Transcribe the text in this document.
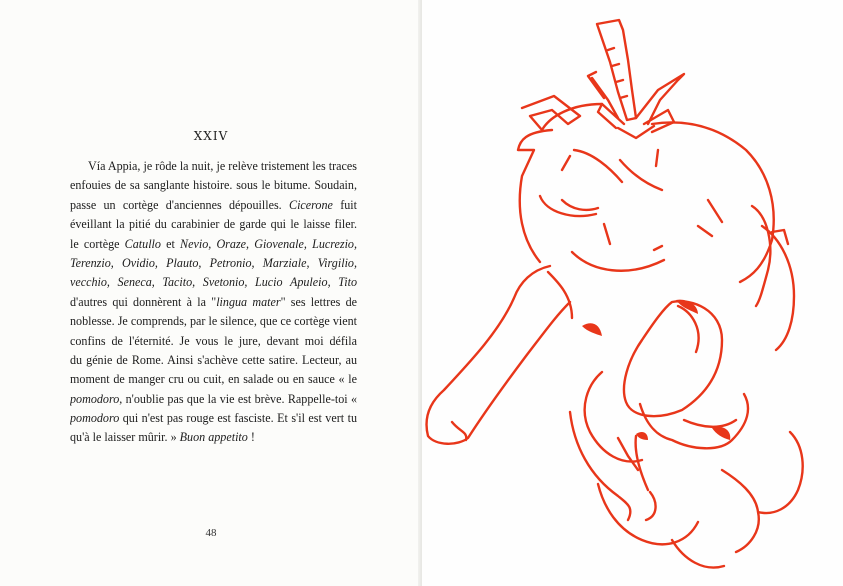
XXIV
Vía Appia, je rôde la nuit, je relève tristement les traces
enfouies de sa sanglante histoire. sous le bitume. Soudain,
passe un cortège d'anciennes dépouilles. Cicerone fuit
éveillant la pitié du carabinier de garde qui le laisse filer.
le cortège Catullo et Nevio, Oraze, Giovenale, Lucrezio,
Terenzio, Ovidio, Plauto, Petronio, Marziale, Virgilio,
vecchio, Seneca, Tacito, Svetonio, Lucio Apuleio, Tito
d'autres qui donnèrent à la "lingua mater" ses lettres de
noblesse. Je comprends, par le silence, que ce cortège vient
confins de l'éternité. Je vous le jure, devant moi défila
du génie de Rome. Ainsi s'achève cette satire. Lecteur, au
moment de manger cru ou cuit, en salade ou en sauce « le
pomodoro, n'oublie pas que la vie est brève. Rappelle-toi «
pomodoro qui n'est pas rouge est fasciste. Et s'il est vert tu
qu'à le laisser mûrir. » Buon appetito !
48
